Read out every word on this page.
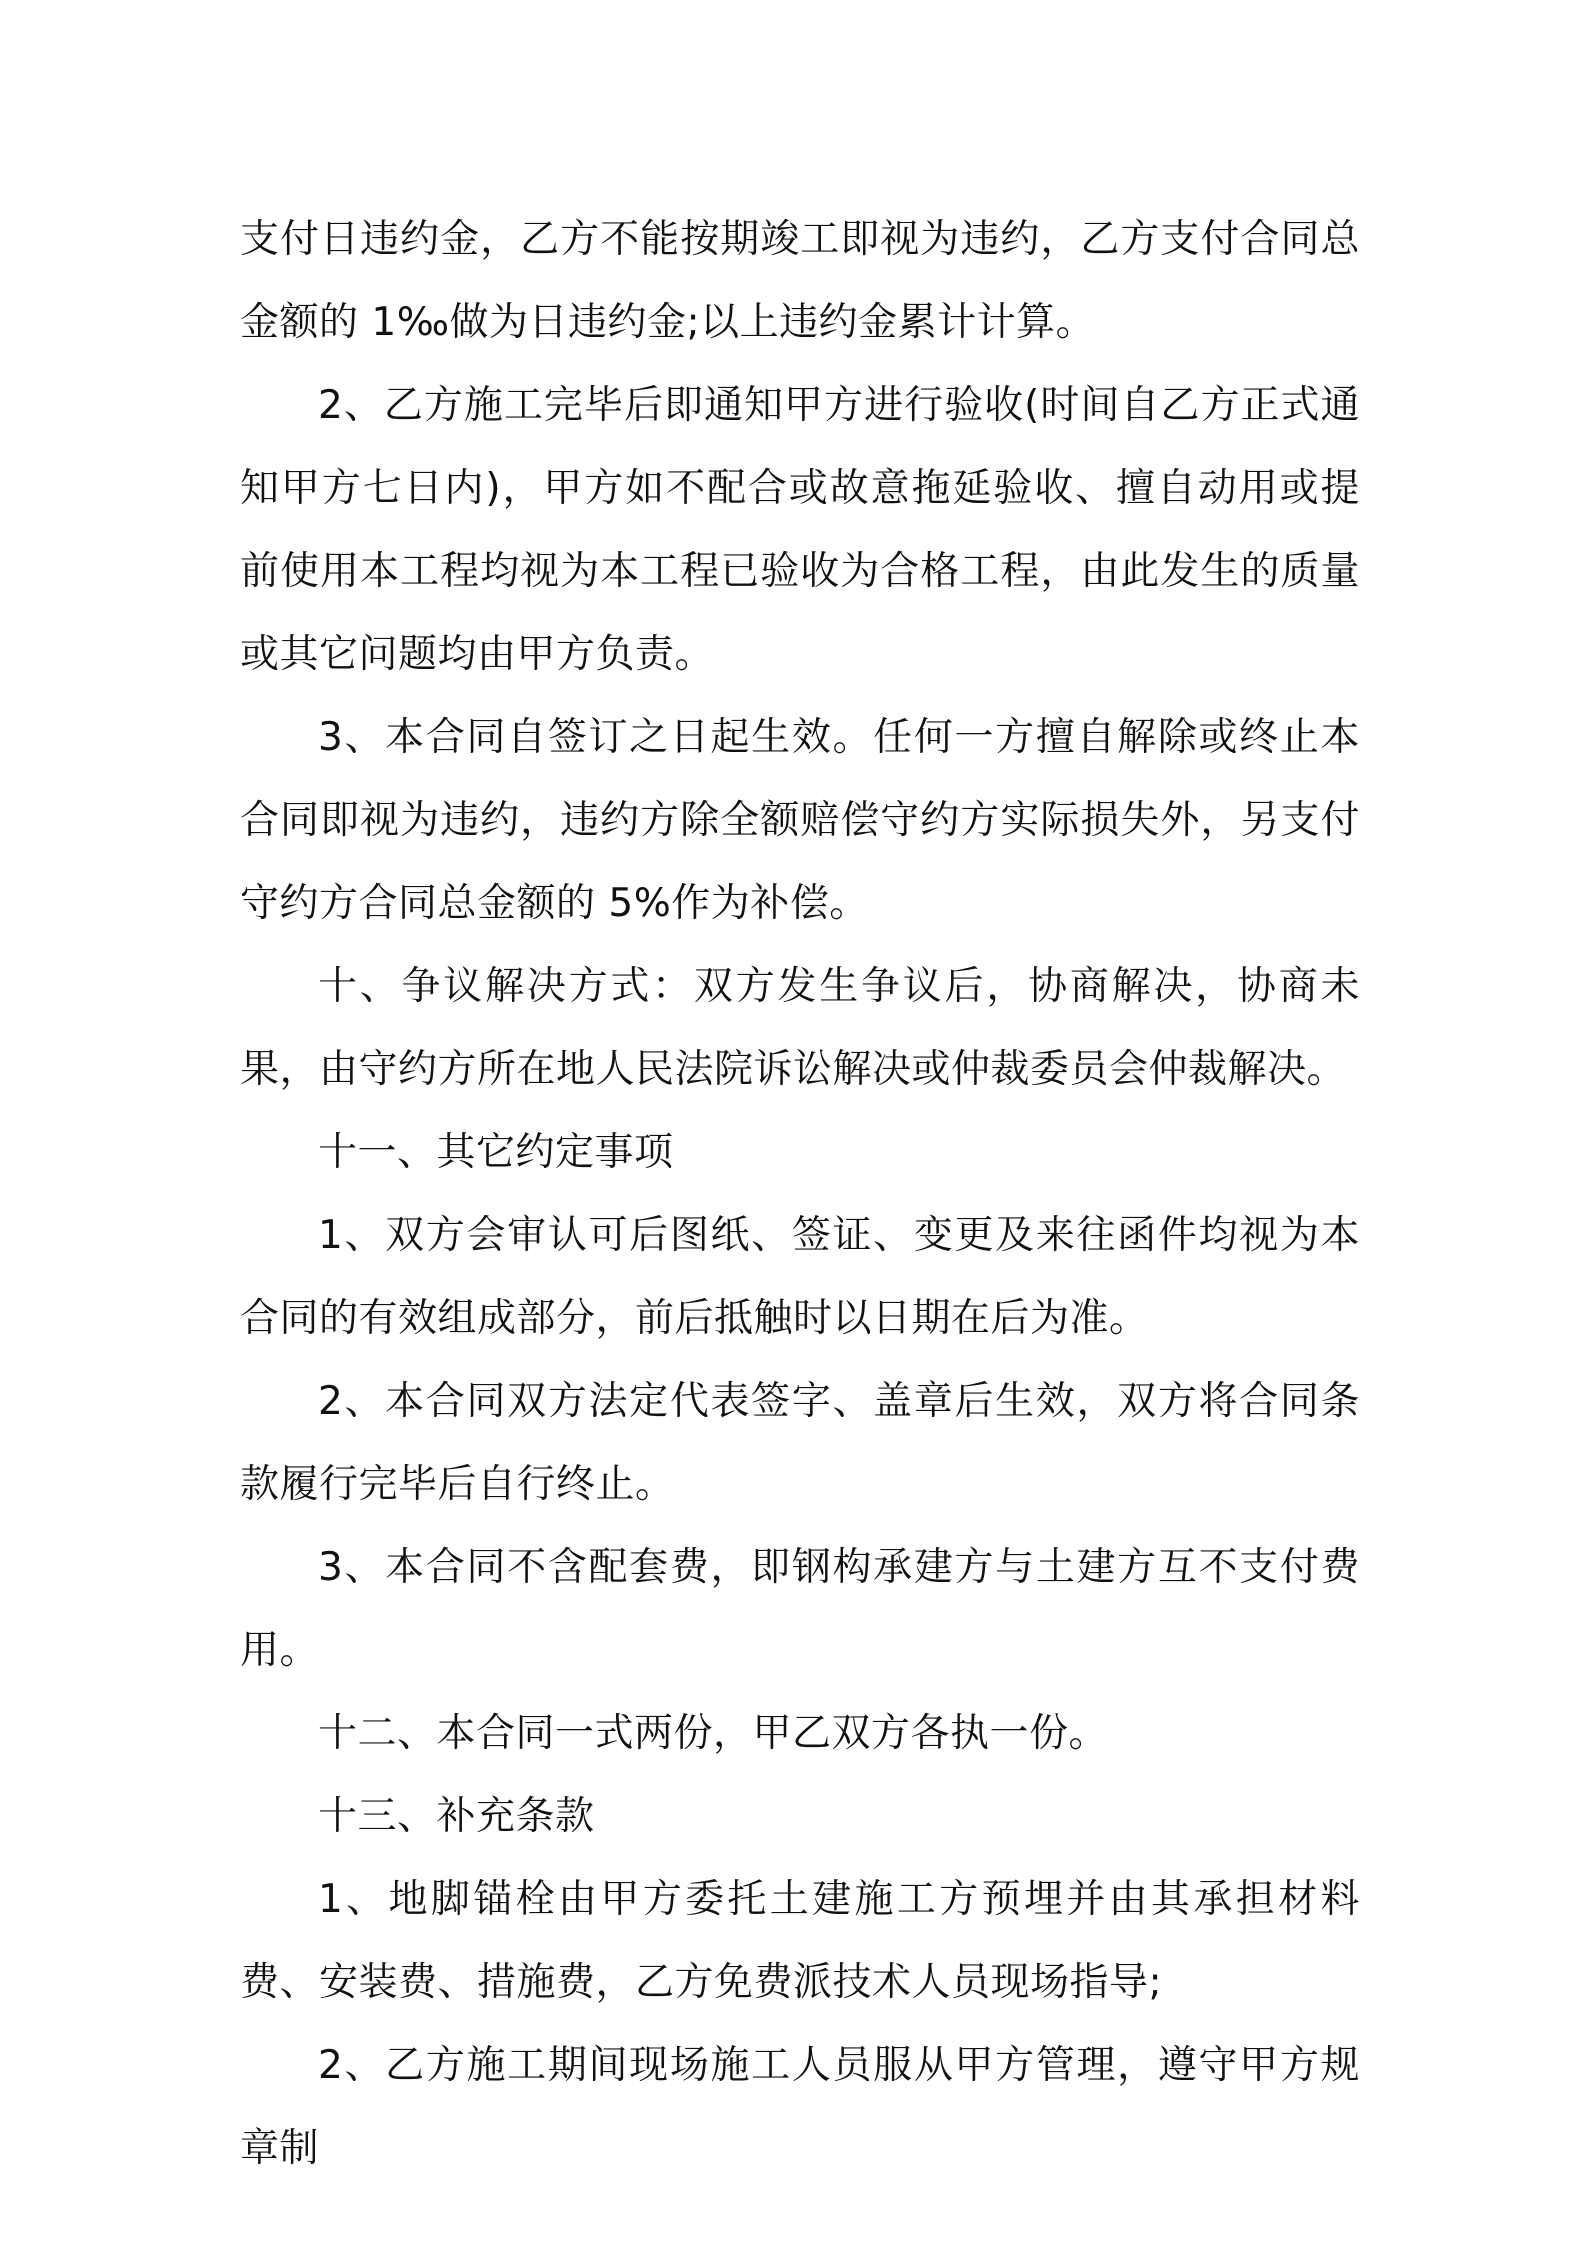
支付日违约金，乙方不能按期竣工即视为违约，乙方支付合同总金额的 1‰做为日违约金;以上违约金累计计算。

2、乙方施工完毕后即通知甲方进行验收(时间自乙方正式通知甲方七日内)，甲方如不配合或故意拖延验收、擅自动用或提前使用本工程均视为本工程已验收为合格工程，由此发生的质量或其它问题均由甲方负责。

3、本合同自签订之日起生效。任何一方擅自解除或终止本合同即视为违约，违约方除全额赔偿守约方实际损失外，另支付守约方合同总金额的 5%作为补偿。

十、争议解决方式：双方发生争议后，协商解决，协商未果，由守约方所在地人民法院诉讼解决或仲裁委员会仲裁解决。

十一、其它约定事项

1、双方会审认可后图纸、签证、变更及来往函件均视为本合同的有效组成部分，前后抵触时以日期在后为准。

2、本合同双方法定代表签字、盖章后生效，双方将合同条款履行完毕后自行终止。

3、本合同不含配套费，即钢构承建方与土建方互不支付费用。

十二、本合同一式两份，甲乙双方各执一份。

十三、补充条款

1、地脚锚栓由甲方委托土建施工方预埋并由其承担材料费、安装费、措施费，乙方免费派技术人员现场指导;

2、乙方施工期间现场施工人员服从甲方管理，遵守甲方规章制
